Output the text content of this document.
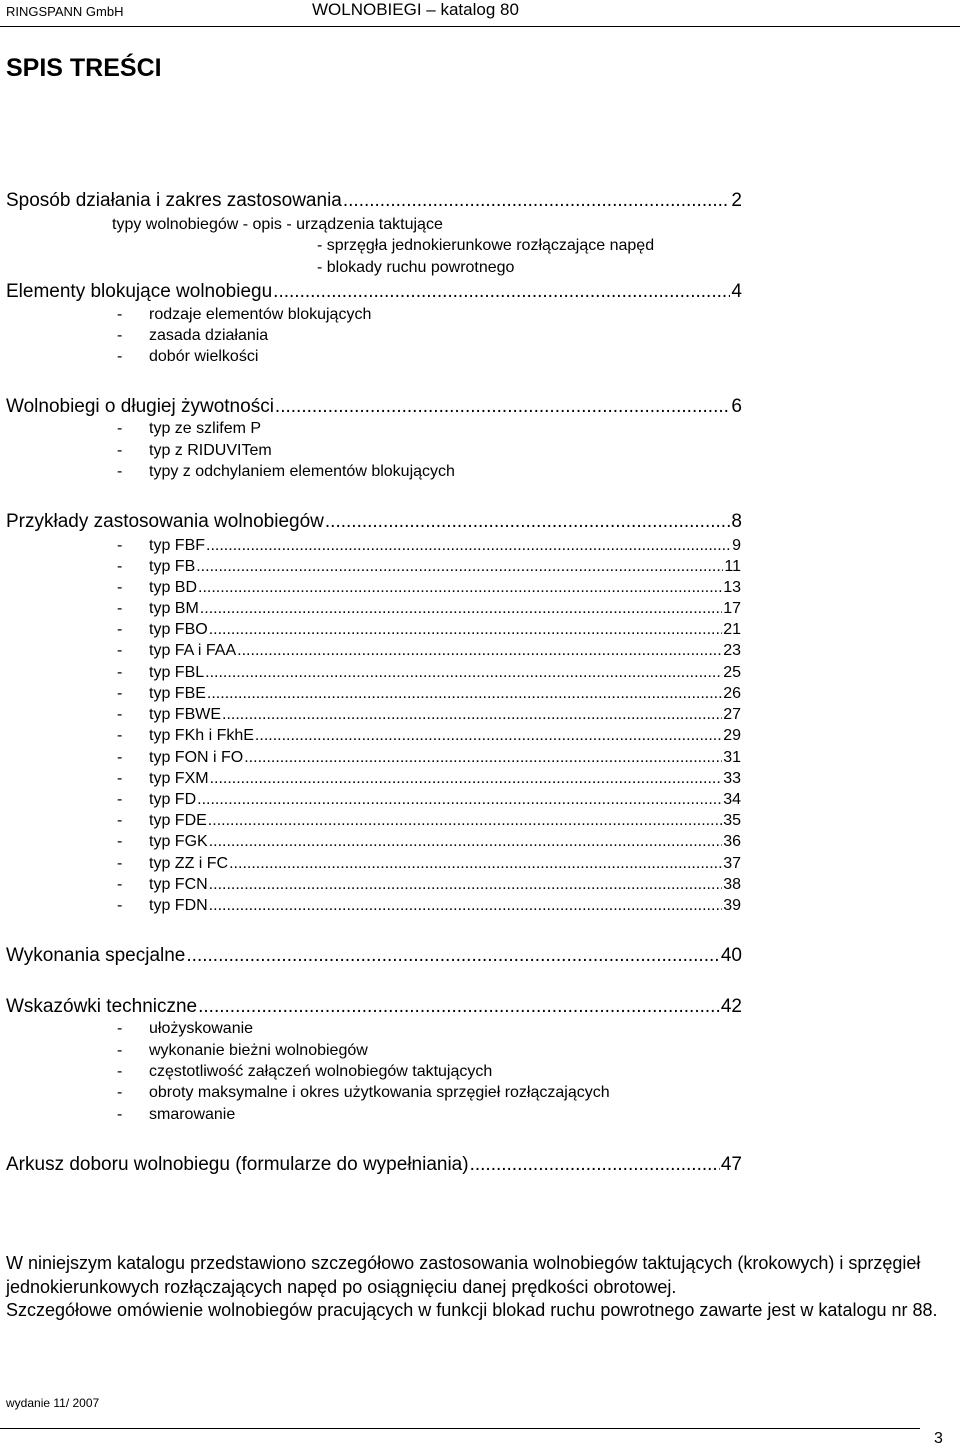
RINGSPANN GmbH	WOLNOBIEGI – katalog 80
SPIS TREŚCI
Sposób działania i zakres zastosowania .....	2
typy wolnobiegów - opis - urządzenia taktujące
- sprzęgła jednokierunkowe rozłączające napęd
- blokady ruchu powrotnego
Elementy blokujące wolnobiegu .....	4
- rodzaje elementów blokujących
- zasada działania
- dobór wielkości
Wolnobiegi o długiej żywotności .....	6
- typ ze szlifem P
- typ z RIDUVITem
- typy z odchylaniem elementów blokujących
Przykłady zastosowania wolnobiegów .....	8
- typ FBF .....	9
- typ FB .....	11
- typ BD .....	13
- typ BM .....	17
- typ FBO .....	21
- typ FA i FAA .....	23
- typ FBL .....	25
- typ FBE .....	26
- typ FBWE .....	27
- typ FKh i FkhE .....	29
- typ FON i FO .....	31
- typ FXM .....	33
- typ FD .....	34
- typ FDE .....	35
- typ FGK .....	36
- typ ZZ i FC .....	37
- typ FCN .....	38
- typ FDN .....	39
Wykonania specjalne .....	40
Wskazówki techniczne .....	42
- ułożyskowanie
- wykonanie bieżni wolnobiegów
- częstotliwość załączeń wolnobiegów taktujących
- obroty maksymalne i okres użytkowania sprzęgieł rozłączających
- smarowanie
Arkusz doboru wolnobiegu (formularze do wypełniania) .....	47

W niniejszym katalogu przedstawiono szczegółowo zastosowania wolnobiegów taktujących (krokowych) i sprzęgieł jednokierunkowych rozłączających napęd po osiągnięciu danej prędkości obrotowej.

Szczegółowe omówienie wolnobiegów pracujących w funkcji blokad ruchu powrotnego zawarte jest w katalogu nr 88.

wydanie 11/ 2007
3
